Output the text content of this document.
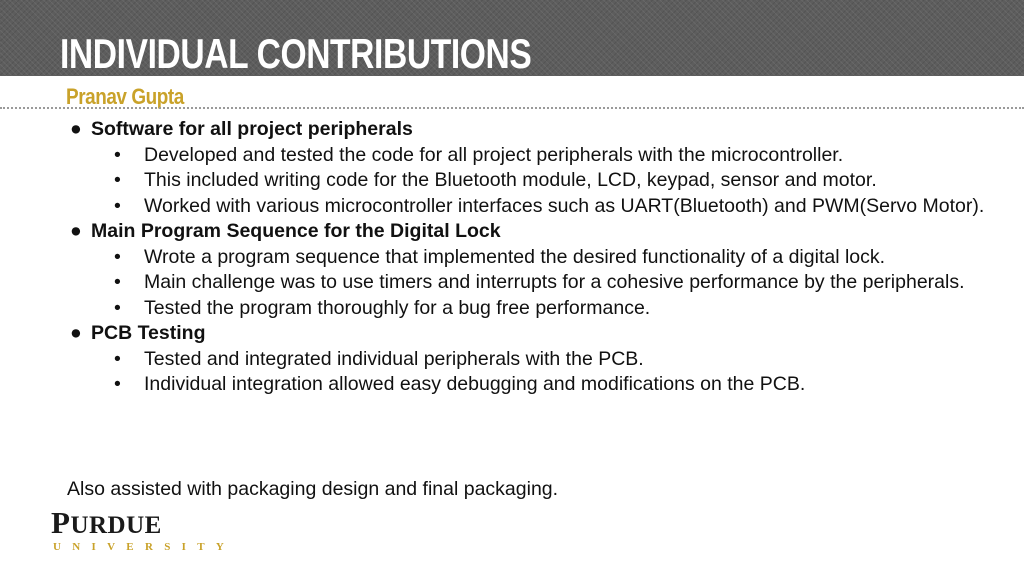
INDIVIDUAL CONTRIBUTIONS
Pranav Gupta
● Software for all project peripherals
•	Developed and tested the code for all project peripherals with the microcontroller.
•	This included writing code for the Bluetooth module, LCD, keypad, sensor and motor.
•	Worked with various microcontroller interfaces such as UART(Bluetooth) and PWM(Servo Motor).
● Main Program Sequence for the Digital Lock
•	Wrote a program sequence that implemented the desired functionality of a digital lock.
•	Main challenge was to use timers and interrupts for a cohesive performance by the peripherals.
•	Tested the program thoroughly for a bug free performance.
● PCB Testing
•	Tested and integrated individual peripherals with the PCB.
•	Individual integration allowed easy debugging and modifications on the PCB.
Also assisted with packaging design and final packaging.
PURDUE
UNIVERSITY
